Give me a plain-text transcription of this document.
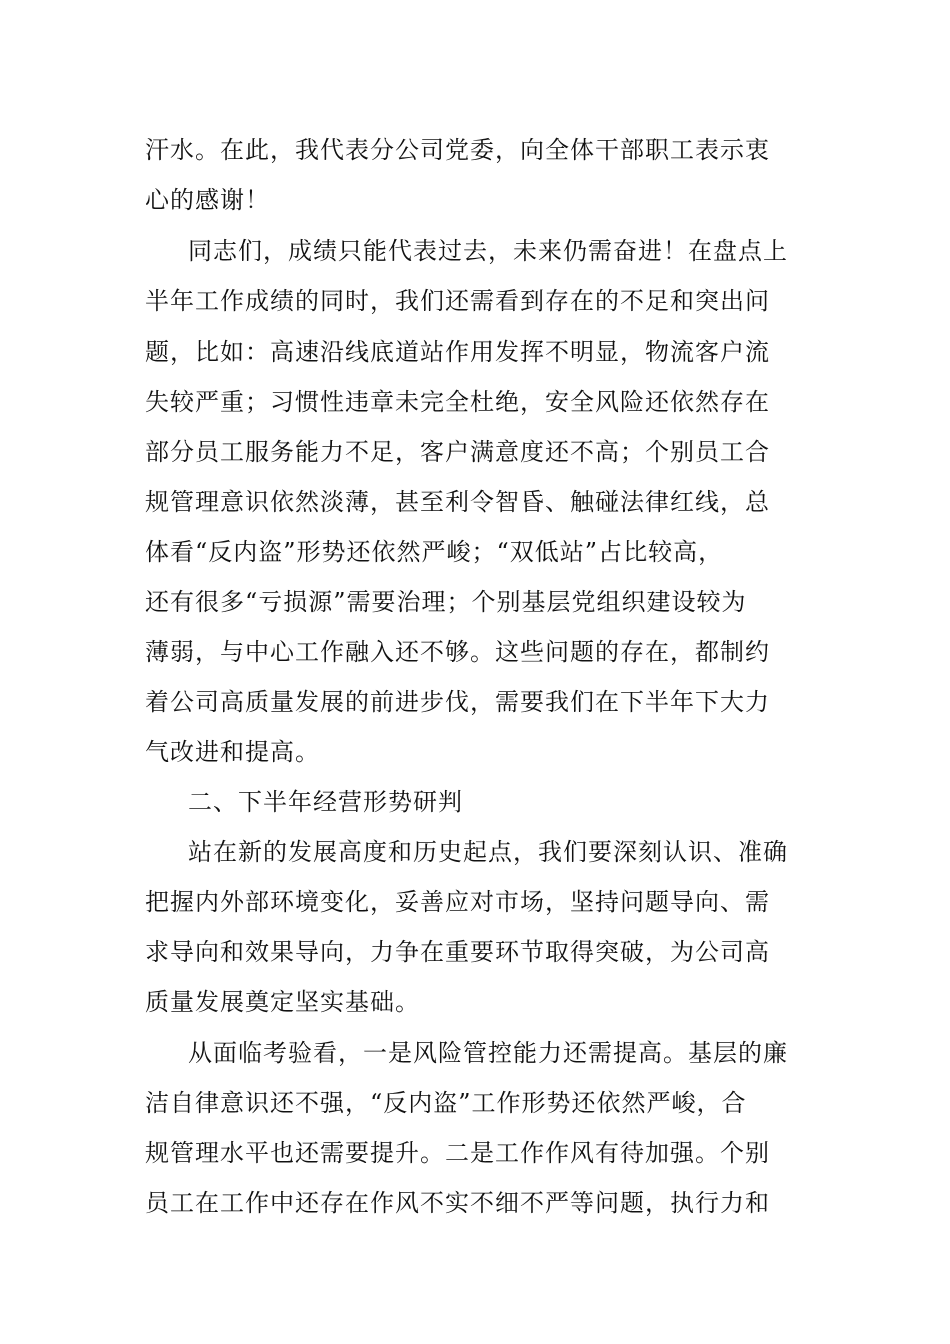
汗水。在此，我代表分公司党委，向全体干部职工表示衷
心的感谢！
同志们，成绩只能代表过去，未来仍需奋进！在盘点上
半年工作成绩的同时，我们还需看到存在的不足和突出问
题，比如：高速沿线底道站作用发挥不明显，物流客户流
失较严重；习惯性违章未完全杜绝，安全风险还依然存在
部分员工服务能力不足，客户满意度还不高；个别员工合
规管理意识依然淡薄，甚至利令智昏、触碰法律红线，总
体看“反内盗”形势还依然严峻；“双低站”占比较高，
还有很多“亏损源”需要治理；个别基层党组织建设较为
薄弱，与中心工作融入还不够。这些问题的存在，都制约
着公司高质量发展的前进步伐，需要我们在下半年下大力
气改进和提高。
二、下半年经营形势研判
站在新的发展高度和历史起点，我们要深刻认识、准确
把握内外部环境变化，妥善应对市场，坚持问题导向、需
求导向和效果导向，力争在重要环节取得突破，为公司高
质量发展奠定坚实基础。
从面临考验看，一是风险管控能力还需提高。基层的廉
洁自律意识还不强，“反内盗”工作形势还依然严峻，合
规管理水平也还需要提升。二是工作作风有待加强。个别
员工在工作中还存在作风不实不细不严等问题，执行力和
